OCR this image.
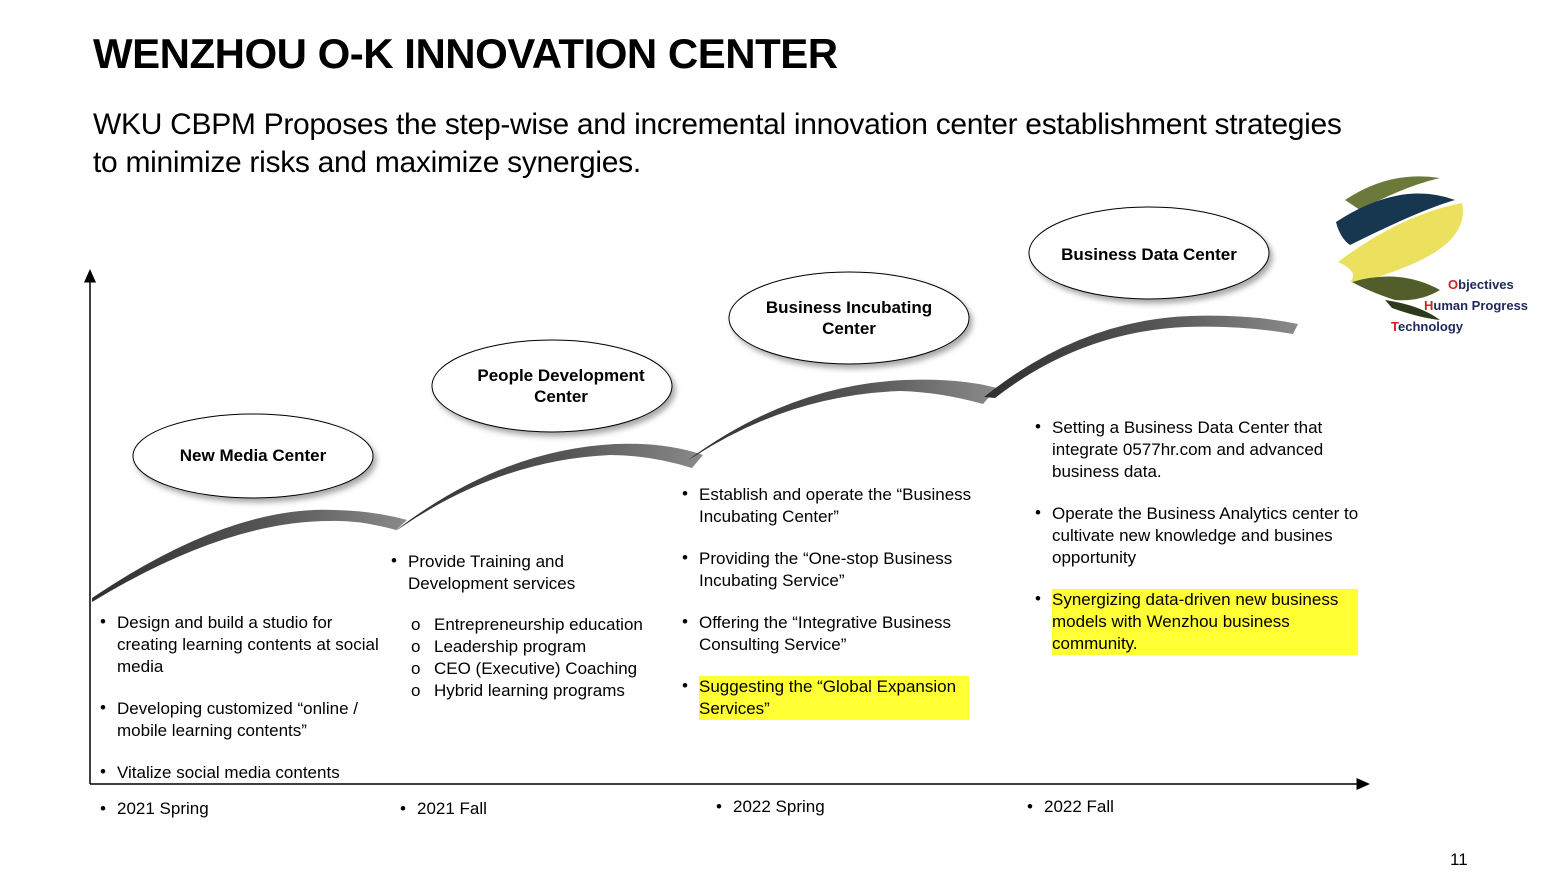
WENZHOU O-K INNOVATION CENTER
WKU CBPM Proposes the step-wise and incremental innovation center establishment strategies to minimize risks and maximize synergies.
New Media Center
People Development Center
Business Incubating Center
Business Data Center
• Design and build a studio for creating learning contents at social media
• Developing customized “online / mobile learning contents”
• Vitalize social media contents
• Provide Training and Development services
o Entrepreneurship education
o Leadership program
o CEO (Executive) Coaching
o Hybrid learning programs
• Establish and operate the “Business Incubating Center”
• Providing the “One-stop Business Incubating Service”
• Offering the “Integrative Business Consulting Service”
• Suggesting the “Global Expansion Services”
• Setting a Business Data Center that integrate 0577hr.com and advanced business data.
• Operate the Business Analytics center to cultivate new knowledge and busines opportunity
• Synergizing data-driven new business models with Wenzhou business community.
• 2021 Spring	• 2021 Fall	• 2022 Spring	• 2022 Fall
Objectives
Human Progress
Technology
11
